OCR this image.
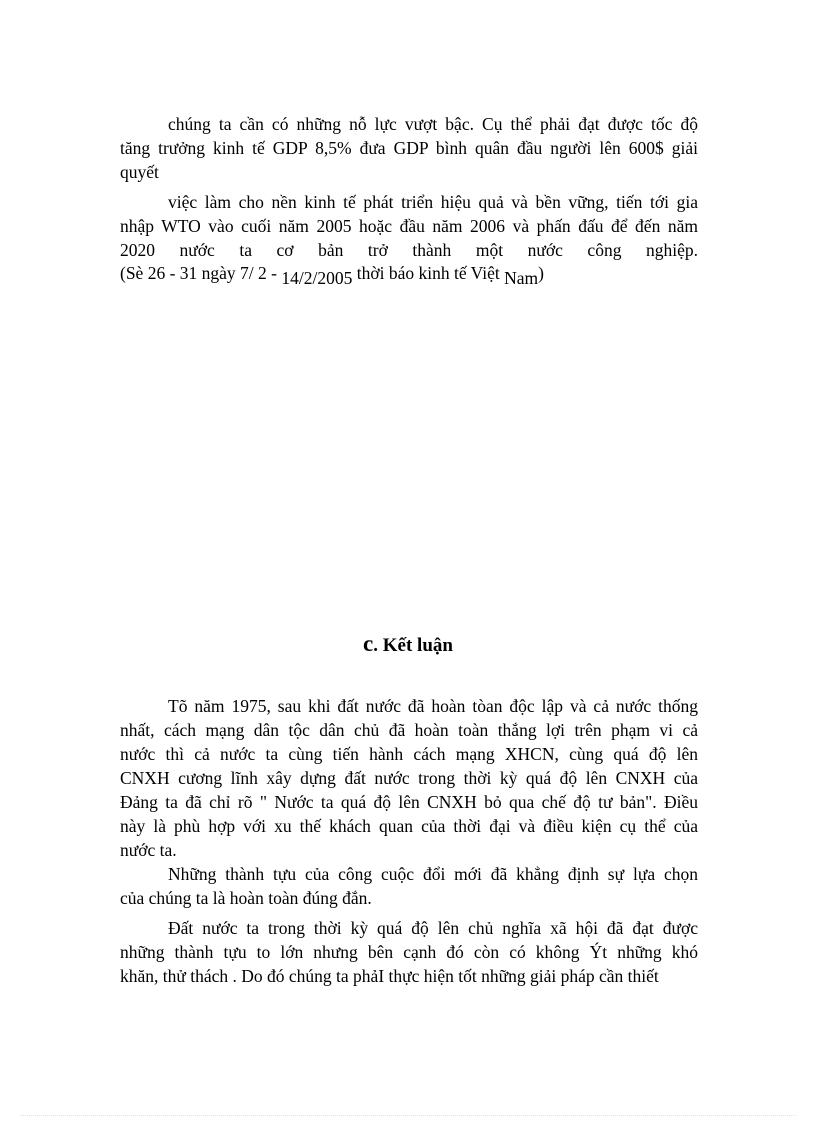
chúng ta cần có những nỗ lực vượt bậc. Cụ thể phải đạt được tốc độ
tăng trưởng kinh tế GDP 8,5% đưa GDP bình quân đầu người lên 600$ giải
quyết
việc làm cho nền kinh tế phát triển hiệu quả và bền vững, tiến tới gia
nhập WTO vào cuối năm 2005 hoặc đầu năm 2006 và phấn đấu để đến năm
2020 nước ta cơ bản trở thành một nước công nghiệp.
(Sè 26 - 31 ngày 7/ 2 - 14/2/2005 thời báo kinh tế Việt Nam)
c. Kết luận
Tõ năm 1975, sau khi đất nước đã hoàn tòan độc lập và cả nước thống
nhất, cách mạng dân tộc dân chủ đã hoàn toàn thắng lợi trên phạm vi cả
nước thì cả nước ta cùng tiến hành cách mạng XHCN, cùng quá độ lên
CNXH cương lĩnh xây dựng đất nước trong thời kỳ quá độ lên CNXH của
Đảng ta đã chỉ rõ " Nước ta quá độ lên CNXH bỏ qua chế độ tư bản". Điều
này là phù hợp với xu thế khách quan của thời đại và điều kiện cụ thể của
nước ta.
Những thành tựu của công cuộc đổi mới đã khẳng định sự lựa chọn
của chúng ta là hoàn toàn đúng đắn.
Đất nước ta trong thời kỳ quá độ lên chủ nghĩa xã hội đã đạt được
những thành tựu to lớn nhưng bên cạnh đó còn có không Ýt những khó
khăn, thử thách . Do đó chúng ta phảI thực hiện tốt những giải pháp cần thiết
